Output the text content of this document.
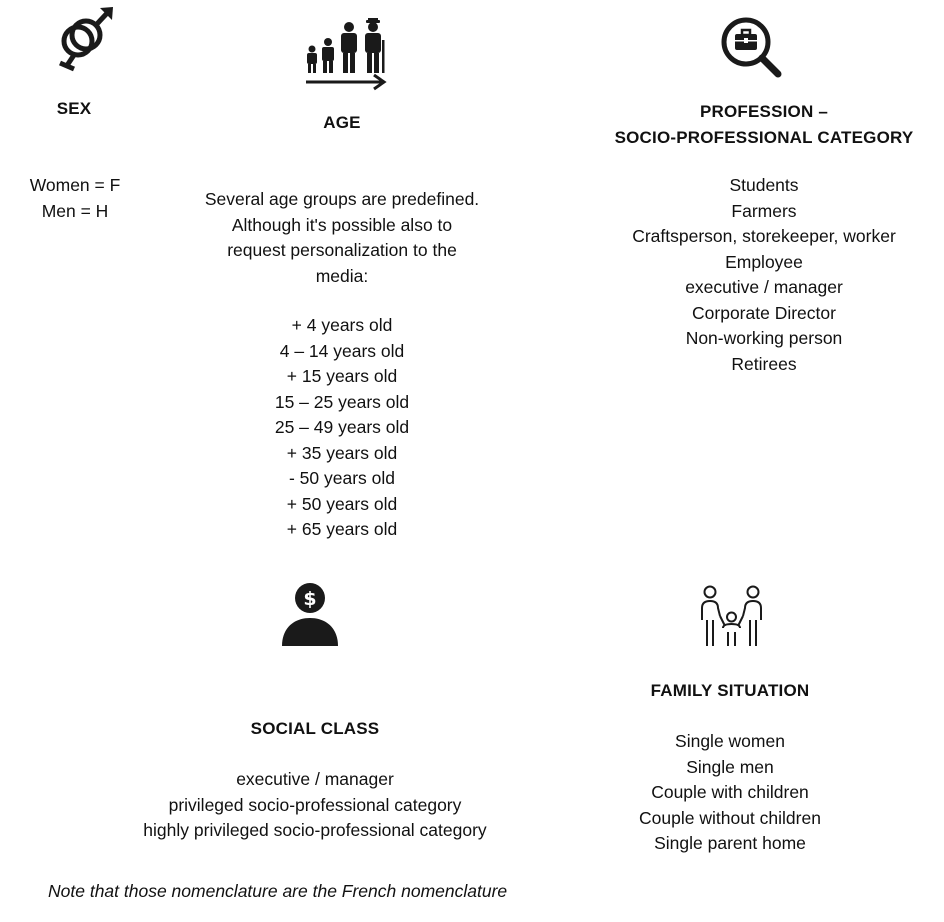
SEX
Women = F
Men = H
AGE
Several age groups are predefined.
Although it's possible also to
request personalization to the
media:
+ 4 years old
4 – 14 years old
+ 15 years old
15 – 25 years old
25 – 49 years old
+ 35 years old
- 50 years old
+ 50 years old
+ 65 years old
PROFESSION –
SOCIO-PROFESSIONAL CATEGORY
Students
Farmers
Craftsperson, storekeeper, worker
Employee
executive / manager
Corporate Director
Non-working person
Retirees
$
SOCIAL CLASS
executive / manager
privileged socio-professional category
highly privileged socio-professional category
FAMILY SITUATION
Single women
Single men
Couple with children
Couple without children
Single parent home
Note that those nomenclature are the French nomenclature
